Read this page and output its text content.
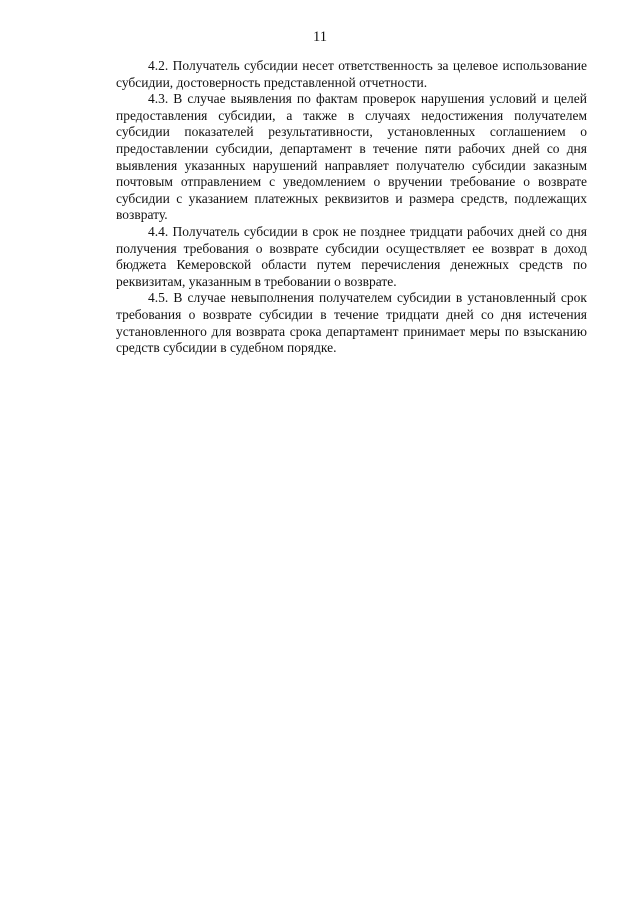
11

4.2. Получатель субсидии несет ответственность за целевое использование субсидии, достоверность представленной отчетности.

4.3. В случае выявления по фактам проверок нарушения условий и целей предоставления субсидии, а также в случаях недостижения получателем субсидии показателей результативности, установленных соглашением о предоставлении субсидии, департамент в течение пяти рабочих дней со дня выявления указанных нарушений направляет получателю субсидии заказным почтовым отправлением с уведомлением о вручении требование о возврате субсидии с указанием платежных реквизитов и размера средств, подлежащих возврату.

4.4. Получатель субсидии в срок не позднее тридцати рабочих дней со дня получения требования о возврате субсидии осуществляет ее возврат в доход бюджета Кемеровской области путем перечисления денежных средств по реквизитам, указанным в требовании о возврате.

4.5. В случае невыполнения получателем субсидии в установленный срок требования о возврате субсидии в течение тридцати дней со дня истечения установленного для возврата срока департамент принимает меры по взысканию средств субсидии в судебном порядке.
